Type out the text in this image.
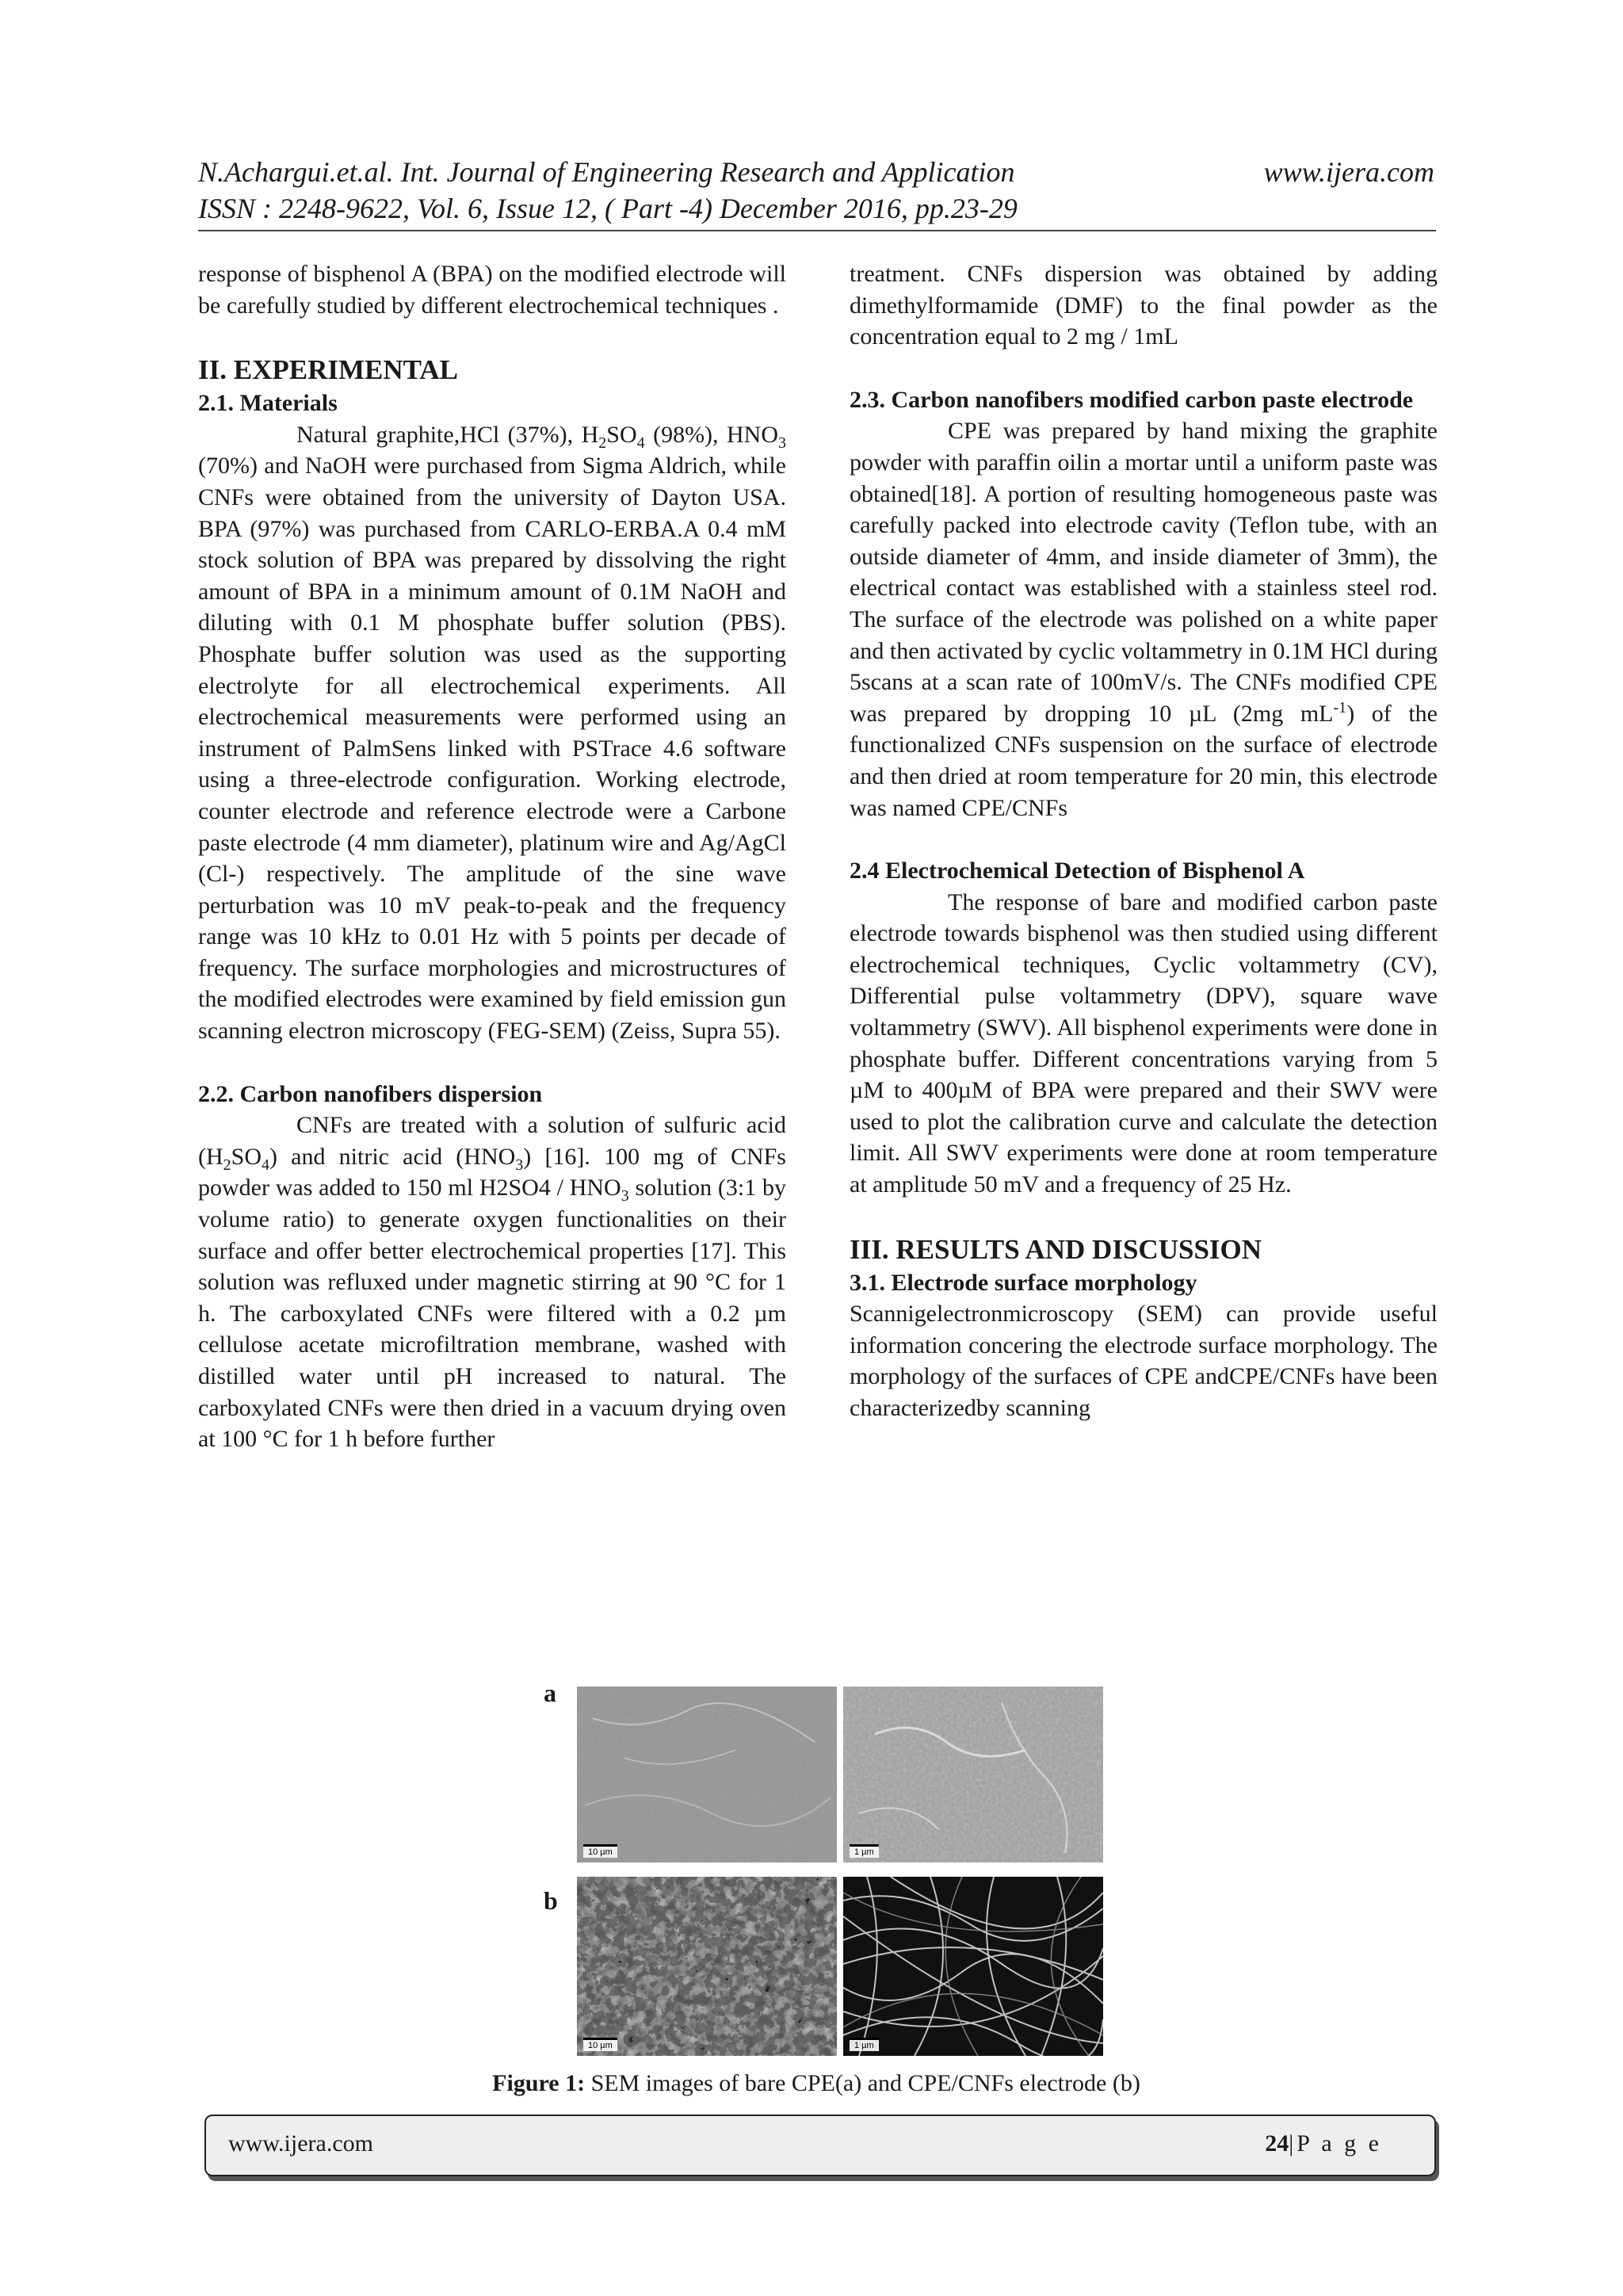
N.Achargui.et.al. Int. Journal of Engineering Research and Application	www.ijera.com
ISSN : 2248-9622, Vol. 6, Issue 12, ( Part -4) December 2016, pp.23-29

response of bisphenol A (BPA) on the modified electrode will be carefully studied by different electrochemical techniques .

II. EXPERIMENTAL

2.1. Materials

Natural graphite,HCl (37%), $H_2SO_4$ (98%), $HNO_3$ (70%) and NaOH were purchased from Sigma Aldrich, while CNFs were obtained from the university of Dayton USA. BPA (97%) was purchased from CARLO-ERBA.A 0.4 mM stock solution of BPA was prepared by dissolving the right amount of BPA in a minimum amount of 0.1M NaOH and diluting with 0.1 M phosphate buffer solution (PBS). Phosphate buffer solution was used as the supporting electrolyte for all electrochemical experiments. All electrochemical measurements were performed using an instrument of PalmSens linked with PSTrace 4.6 software using a three-electrode configuration. Working electrode, counter electrode and reference electrode were a Carbone paste electrode (4 mm diameter), platinum wire and Ag/AgCl (Cl-) respectively. The amplitude of the sine wave perturbation was 10 mV peak-to-peak and the frequency range was 10 kHz to 0.01 Hz with 5 points per decade of frequency. The surface morphologies and microstructures of the modified electrodes were examined by field emission gun scanning electron microscopy (FEG-SEM) (Zeiss, Supra 55).

2.2. Carbon nanofibers dispersion

CNFs are treated with a solution of sulfuric acid $(H_2SO_4)$ and nitric acid $(HNO_3)$ [16]. 100 mg of CNFs powder was added to 150 ml $H2SO4 / HNO_3$ solution (3:1 by volume ratio) to generate oxygen functionalities on their surface and offer better electrochemical properties [17]. This solution was refluxed under magnetic stirring at 90 °C for 1 h. The carboxylated CNFs were filtered with a 0.2 µm cellulose acetate microfiltration membrane, washed with distilled water until pH increased to natural. The carboxylated CNFs were then dried in a vacuum drying oven at 100 °C for 1 h before further

treatment. CNFs dispersion was obtained by adding dimethylformamide (DMF) to the final powder as the concentration equal to 2 mg / 1mL

2.3. Carbon nanofibers modified carbon paste electrode

CPE was prepared by hand mixing the graphite powder with paraffin oilin a mortar until a uniform paste was obtained[18]. A portion of resulting homogeneous paste was carefully packed into electrode cavity (Teflon tube, with an outside diameter of 4mm, and inside diameter of 3mm), the electrical contact was established with a stainless steel rod. The surface of the electrode was polished on a white paper and then activated by cyclic voltammetry in 0.1M HCl during 5scans at a scan rate of 100mV/s. The CNFs modified CPE was prepared by dropping 10 µL (2mg $mL^{-1}$) of the functionalized CNFs suspension on the surface of electrode and then dried at room temperature for 20 min, this electrode was named CPE/CNFs

2.4 Electrochemical Detection of Bisphenol A

The response of bare and modified carbon paste electrode towards bisphenol was then studied using different electrochemical techniques, Cyclic voltammetry (CV), Differential pulse voltammetry (DPV), square wave voltammetry (SWV). All bisphenol experiments were done in phosphate buffer. Different concentrations varying from 5 µM to 400µM of BPA were prepared and their SWV were used to plot the calibration curve and calculate the detection limit. All SWV experiments were done at room temperature at amplitude 50 mV and a frequency of 25 Hz.

III. RESULTS AND DISCUSSION

3.1. Electrode surface morphology

Scannigelectronmicroscopy (SEM) can provide useful information concering the electrode surface morphology. The morphology of the surfaces of CPE andCPE/CNFs have been characterizedby scanning

a
b
10 µm	1 µm
10 µm	1 µm
Figure 1: SEM images of bare CPE(a) and CPE/CNFs electrode (b)
www.ijera.com	24|P a g e
